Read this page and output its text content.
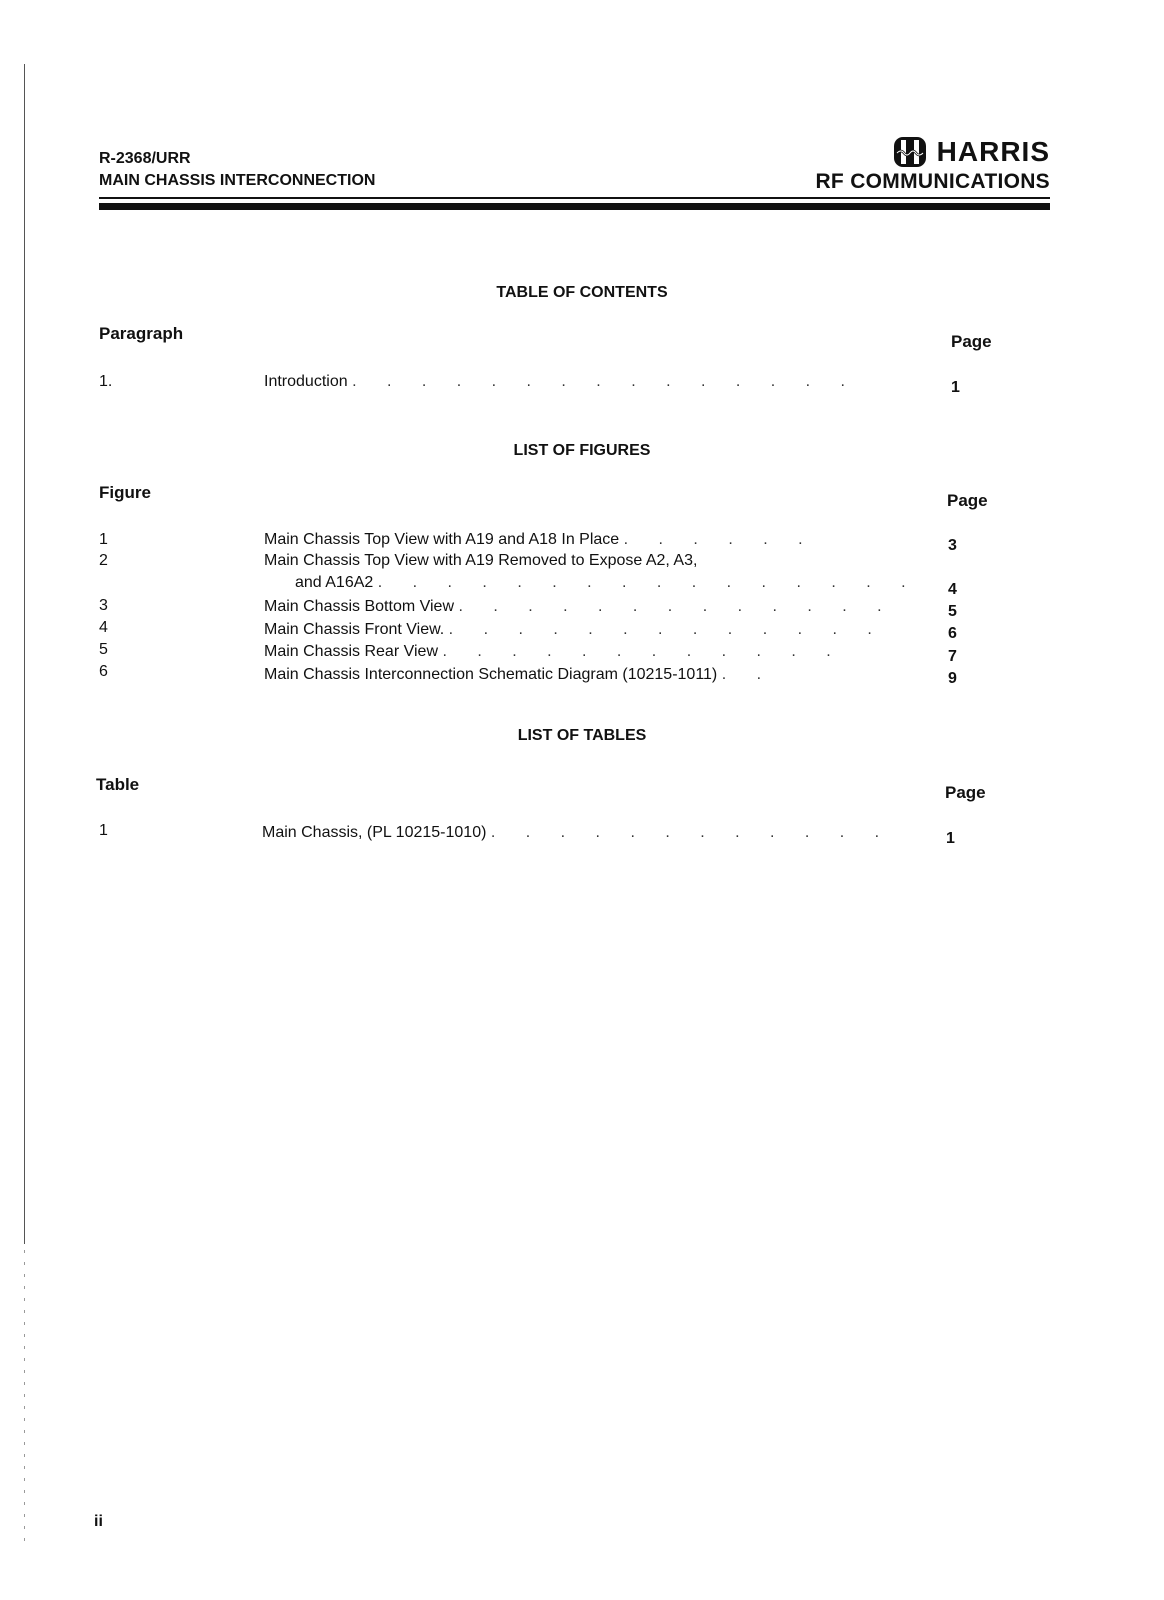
R-2368/URR
MAIN CHASSIS INTERCONNECTION
HARRIS
RF COMMUNICATIONS
TABLE OF CONTENTS
Paragraph	Page
1.	Introduction . . . . . . . . . . . . . . .	1
LIST OF FIGURES
Figure	Page
1	Main Chassis Top View with A19 and A18 In Place . . . . . .	3
2	Main Chassis Top View with A19 Removed to Expose A2, A3,
and A16A2 . . . . . . . . . . . . . . . . 4
3	Main Chassis Bottom View . . . . . . . . . . . . .	5
4	Main Chassis Front View. . . . . . . . . . . . . .	6
5	Main Chassis Rear View . . . . . . . . . . . .	7
6	Main Chassis Interconnection Schematic Diagram (10215-1011) . .	9
LIST OF TABLES
Table	Page
1	Main Chassis, (PL 10215-1010) . . . . . . . . . . . .	1
ii
